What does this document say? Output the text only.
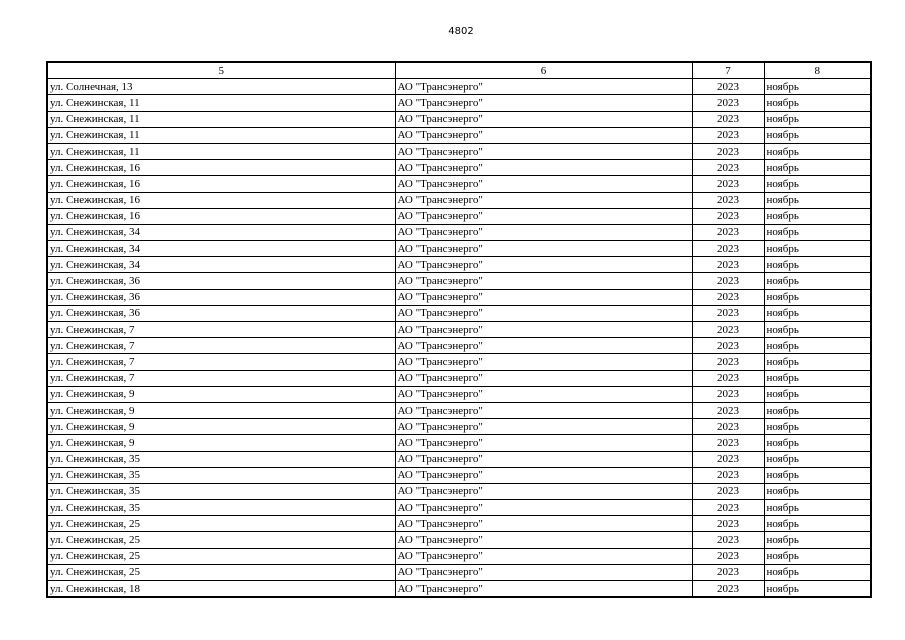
4802
5	6	7	8
ул. Солнечная, 13	АО "Трансэнерго"	2023	ноябрь
ул. Снежинская, 11	АО "Трансэнерго"	2023	ноябрь
ул. Снежинская, 11	АО "Трансэнерго"	2023	ноябрь
ул. Снежинская, 11	АО "Трансэнерго"	2023	ноябрь
ул. Снежинская, 11	АО "Трансэнерго"	2023	ноябрь
ул. Снежинская, 16	АО "Трансэнерго"	2023	ноябрь
ул. Снежинская, 16	АО "Трансэнерго"	2023	ноябрь
ул. Снежинская, 16	АО "Трансэнерго"	2023	ноябрь
ул. Снежинская, 16	АО "Трансэнерго"	2023	ноябрь
ул. Снежинская, 34	АО "Трансэнерго"	2023	ноябрь
ул. Снежинская, 34	АО "Трансэнерго"	2023	ноябрь
ул. Снежинская, 34	АО "Трансэнерго"	2023	ноябрь
ул. Снежинская, 36	АО "Трансэнерго"	2023	ноябрь
ул. Снежинская, 36	АО "Трансэнерго"	2023	ноябрь
ул. Снежинская, 36	АО "Трансэнерго"	2023	ноябрь
ул. Снежинская, 7	АО "Трансэнерго"	2023	ноябрь
ул. Снежинская, 7	АО "Трансэнерго"	2023	ноябрь
ул. Снежинская, 7	АО "Трансэнерго"	2023	ноябрь
ул. Снежинская, 7	АО "Трансэнерго"	2023	ноябрь
ул. Снежинская, 9	АО "Трансэнерго"	2023	ноябрь
ул. Снежинская, 9	АО "Трансэнерго"	2023	ноябрь
ул. Снежинская, 9	АО "Трансэнерго"	2023	ноябрь
ул. Снежинская, 9	АО "Трансэнерго"	2023	ноябрь
ул. Снежинская, 35	АО "Трансэнерго"	2023	ноябрь
ул. Снежинская, 35	АО "Трансэнерго"	2023	ноябрь
ул. Снежинская, 35	АО "Трансэнерго"	2023	ноябрь
ул. Снежинская, 35	АО "Трансэнерго"	2023	ноябрь
ул. Снежинская, 25	АО "Трансэнерго"	2023	ноябрь
ул. Снежинская, 25	АО "Трансэнерго"	2023	ноябрь
ул. Снежинская, 25	АО "Трансэнерго"	2023	ноябрь
ул. Снежинская, 25	АО "Трансэнерго"	2023	ноябрь
ул. Снежинская, 18	АО "Трансэнерго"	2023	ноябрь
